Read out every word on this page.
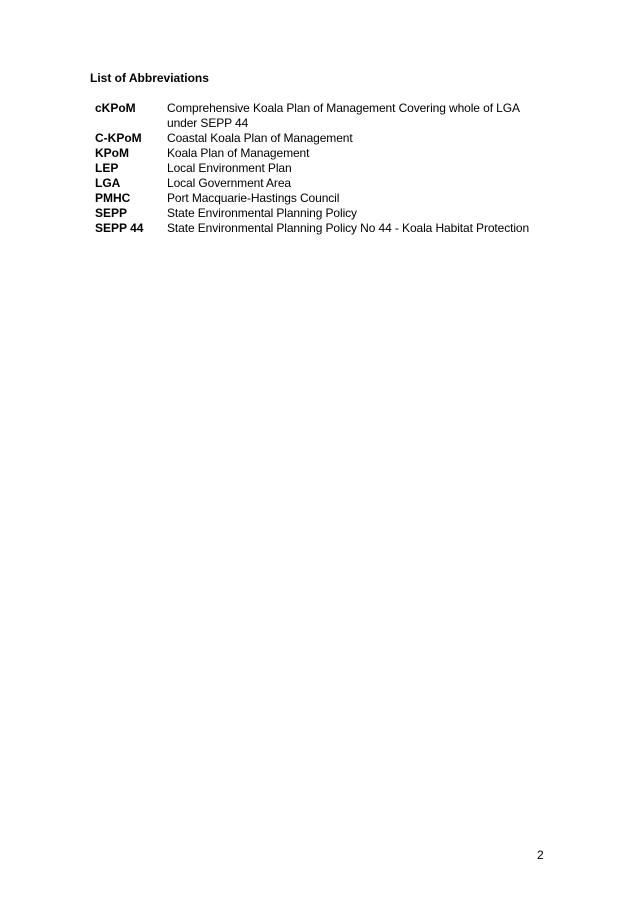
List of Abbreviations
cKPoM	Comprehensive Koala Plan of Management Covering whole of LGA under SEPP 44
C-KPoM	Coastal Koala Plan of Management
KPoM	Koala Plan of Management
LEP	Local Environment Plan
LGA	Local Government Area
PMHC	Port Macquarie-Hastings Council
SEPP	State Environmental Planning Policy
SEPP 44	State Environmental Planning Policy No 44 - Koala Habitat Protection
2
